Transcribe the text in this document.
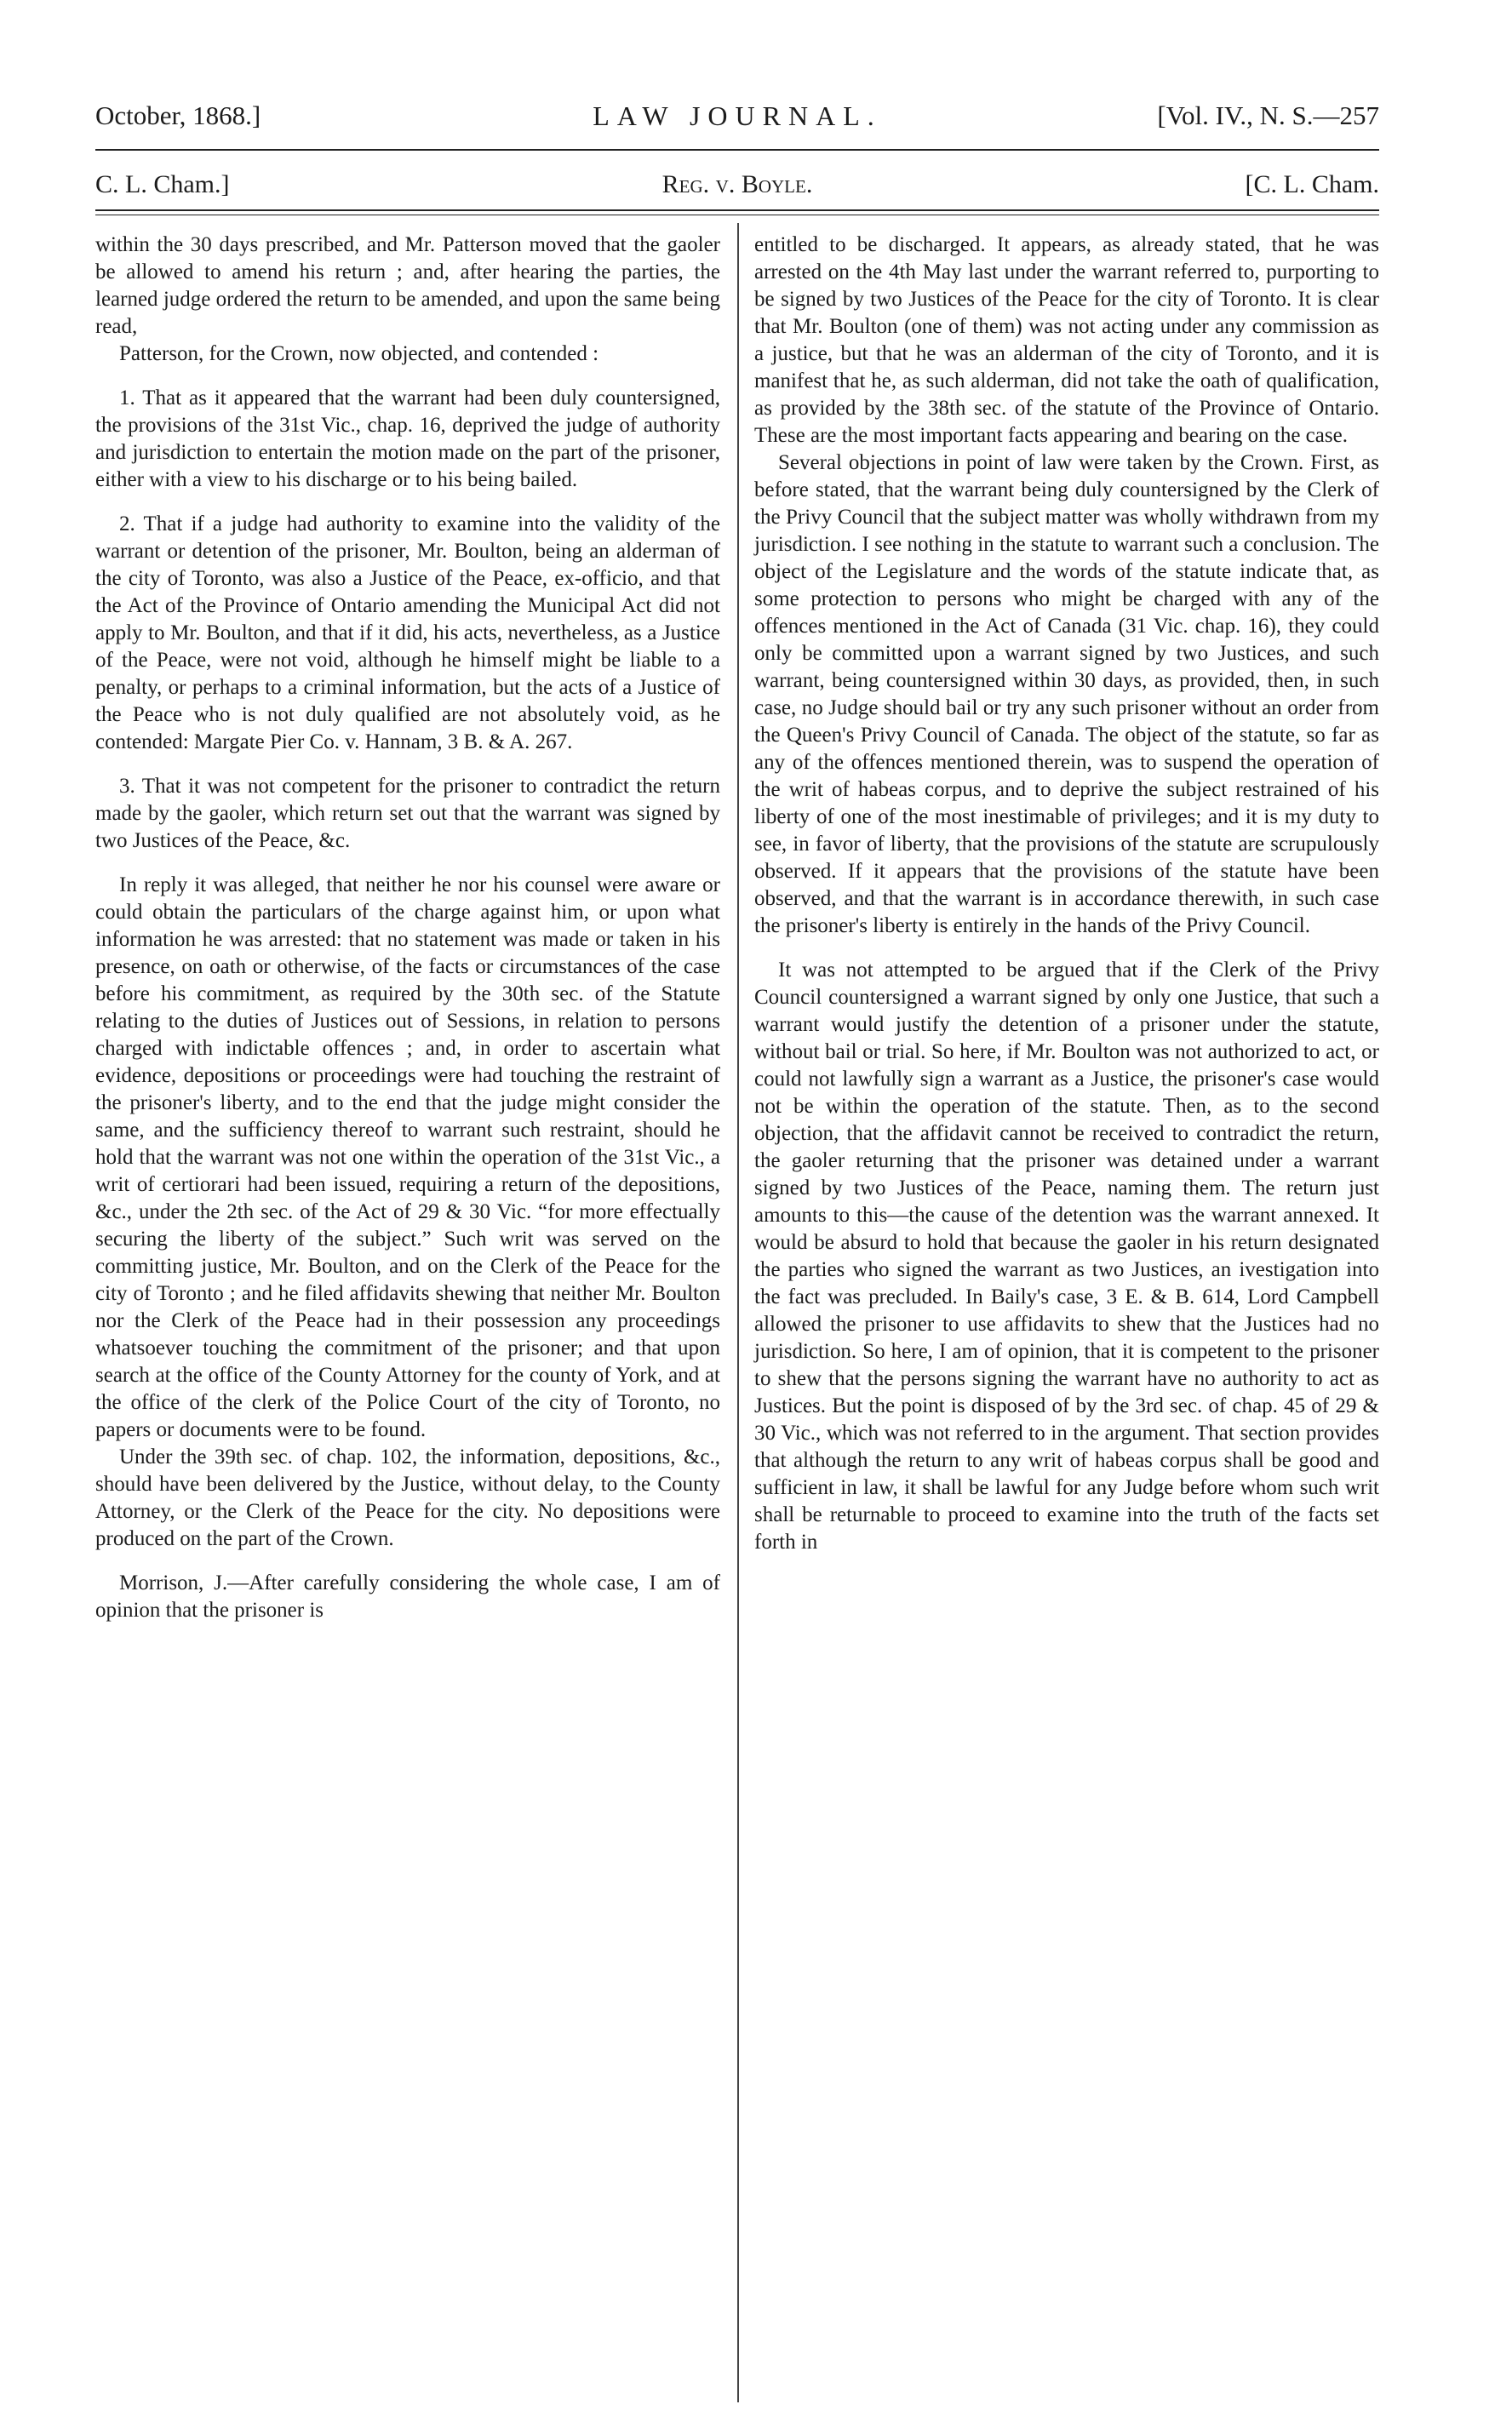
October, 1868.]	LAW JOURNAL.	[Vol. IV., N. S.—257
C. L. Cham.]	Reg. v. Boyle.	[C. L. Cham.

within the 30 days prescribed, and Mr. Patterson moved that the gaoler be allowed to amend his return ; and, after hearing the parties, the learned judge ordered the return to be amended, and upon the same being read,

Patterson, for the Crown, now objected, and contended :

1. That as it appeared that the warrant had been duly countersigned, the provisions of the 31st Vic., chap. 16, deprived the judge of authority and jurisdiction to entertain the motion made on the part of the prisoner, either with a view to his discharge or to his being bailed.

2. That if a judge had authority to examine into the validity of the warrant or detention of the prisoner, Mr. Boulton, being an alderman of the city of Toronto, was also a Justice of the Peace, ex-officio, and that the Act of the Province of Ontario amending the Municipal Act did not apply to Mr. Boulton, and that if it did, his acts, nevertheless, as a Justice of the Peace, were not void, although he himself might be liable to a penalty, or perhaps to a criminal information, but the acts of a Justice of the Peace who is not duly qualified are not absolutely void, as he contended: Margate Pier Co. v. Hannam, 3 B. & A. 267.

3. That it was not competent for the prisoner to contradict the return made by the gaoler, which return set out that the warrant was signed by two Justices of the Peace, &c.

In reply it was alleged, that neither he nor his counsel were aware or could obtain the particulars of the charge against him, or upon what information he was arrested: that no statement was made or taken in his presence, on oath or otherwise, of the facts or circumstances of the case before his commitment, as required by the 30th sec. of the Statute relating to the duties of Justices out of Sessions, in relation to persons charged with indictable offences ; and, in order to ascertain what evidence, depositions or proceedings were had touching the restraint of the prisoner's liberty, and to the end that the judge might consider the same, and the sufficiency thereof to warrant such restraint, should he hold that the warrant was not one within the operation of the 31st Vic., a writ of certiorari had been issued, requiring a return of the depositions, &c., under the 2th sec. of the Act of 29 & 30 Vic. “for more effectually securing the liberty of the subject.” Such writ was served on the committing justice, Mr. Boulton, and on the Clerk of the Peace for the city of Toronto ; and he filed affidavits shewing that neither Mr. Boulton nor the Clerk of the Peace had in their possession any proceedings whatsoever touching the commitment of the prisoner; and that upon search at the office of the County Attorney for the county of York, and at the office of the clerk of the Police Court of the city of Toronto, no papers or documents were to be found.

Under the 39th sec. of chap. 102, the information, depositions, &c., should have been delivered by the Justice, without delay, to the County Attorney, or the Clerk of the Peace for the city. No depositions were produced on the part of the Crown.

Morrison, J.—After carefully considering the whole case, I am of opinion that the prisoner is

entitled to be discharged. It appears, as already stated, that he was arrested on the 4th May last under the warrant referred to, purporting to be signed by two Justices of the Peace for the city of Toronto. It is clear that Mr. Boulton (one of them) was not acting under any commission as a justice, but that he was an alderman of the city of Toronto, and it is manifest that he, as such alderman, did not take the oath of qualification, as provided by the 38th sec. of the statute of the Province of Ontario. These are the most important facts appearing and bearing on the case.

Several objections in point of law were taken by the Crown. First, as before stated, that the warrant being duly countersigned by the Clerk of the Privy Council that the subject matter was wholly withdrawn from my jurisdiction. I see nothing in the statute to warrant such a conclusion. The object of the Legislature and the words of the statute indicate that, as some protection to persons who might be charged with any of the offences mentioned in the Act of Canada (31 Vic. chap. 16), they could only be committed upon a warrant signed by two Justices, and such warrant, being countersigned within 30 days, as provided, then, in such case, no Judge should bail or try any such prisoner without an order from the Queen's Privy Council of Canada. The object of the statute, so far as any of the offences mentioned therein, was to suspend the operation of the writ of habeas corpus, and to deprive the subject restrained of his liberty of one of the most inestimable of privileges; and it is my duty to see, in favor of liberty, that the provisions of the statute are scrupulously observed. If it appears that the provisions of the statute have been observed, and that the warrant is in accordance therewith, in such case the prisoner's liberty is entirely in the hands of the Privy Council.

It was not attempted to be argued that if the Clerk of the Privy Council countersigned a warrant signed by only one Justice, that such a warrant would justify the detention of a prisoner under the statute, without bail or trial. So here, if Mr. Boulton was not authorized to act, or could not lawfully sign a warrant as a Justice, the prisoner's case would not be within the operation of the statute. Then, as to the second objection, that the affidavit cannot be received to contradict the return, the gaoler returning that the prisoner was detained under a warrant signed by two Justices of the Peace, naming them. The return just amounts to this—the cause of the detention was the warrant annexed. It would be absurd to hold that because the gaoler in his return designated the parties who signed the warrant as two Justices, an ivestigation into the fact was precluded. In Baily's case, 3 E. & B. 614, Lord Campbell allowed the prisoner to use affidavits to shew that the Justices had no jurisdiction. So here, I am of opinion, that it is competent to the prisoner to shew that the persons signing the warrant have no authority to act as Justices. But the point is disposed of by the 3rd sec. of chap. 45 of 29 & 30 Vic., which was not referred to in the argument. That section provides that although the return to any writ of habeas corpus shall be good and sufficient in law, it shall be lawful for any Judge before whom such writ shall be returnable to proceed to examine into the truth of the facts set forth in
